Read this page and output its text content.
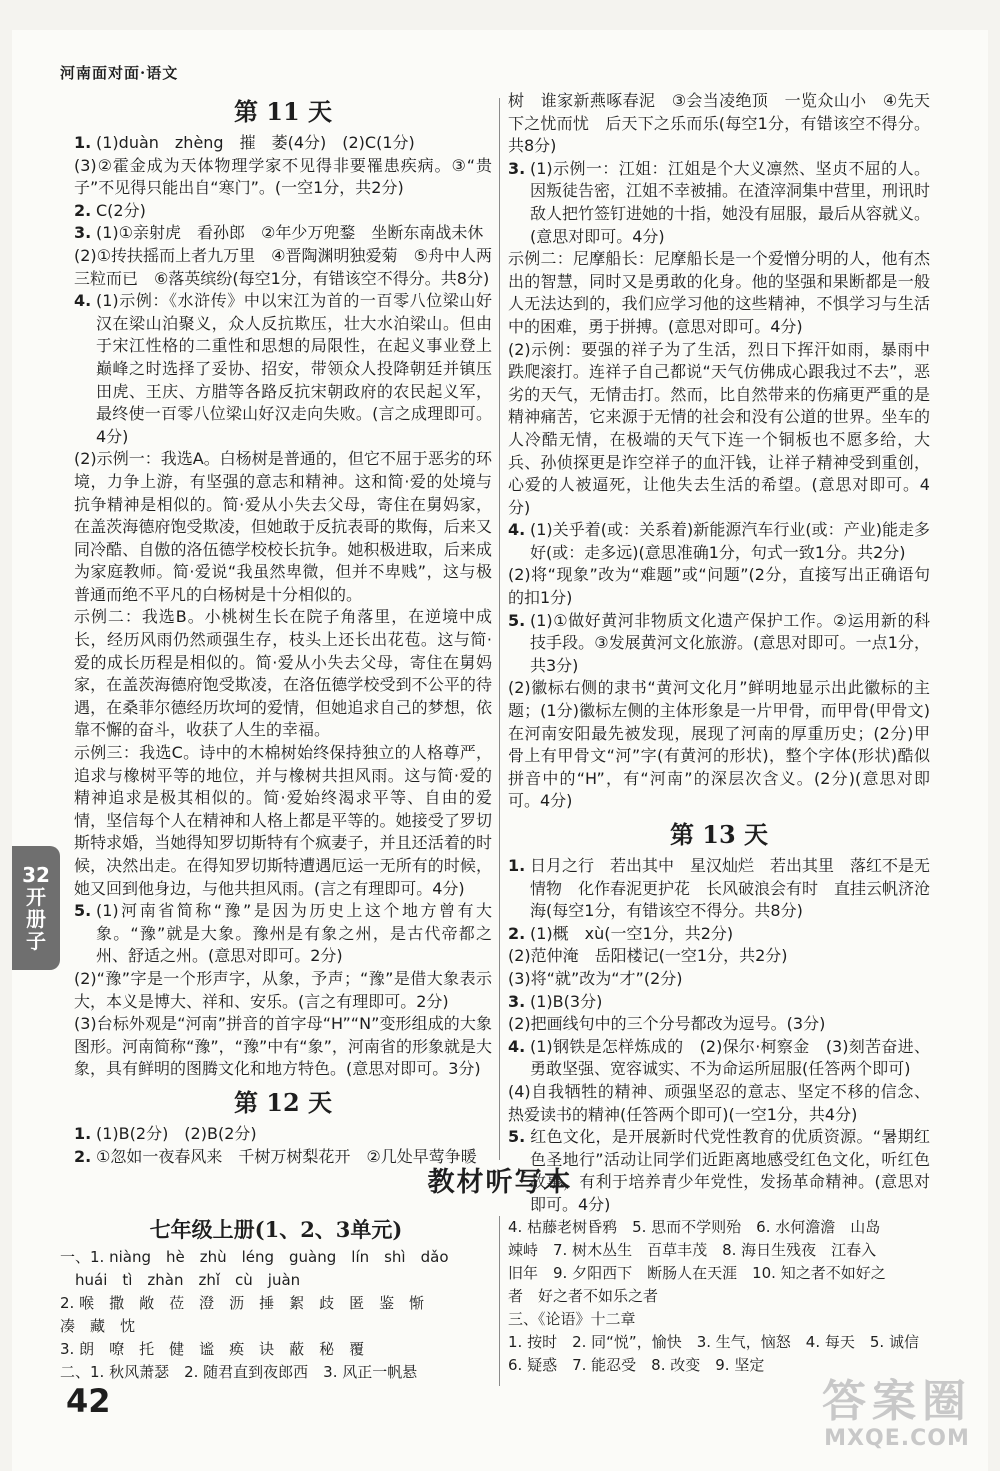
河南面对面·语文
第 11 天

1. (1)duàn　zhèng　摧　萎(4分)　(2)C(1分)

(3)②霍金成为天体物理学家不见得非要罹患疾病。③“贵子”不见得只能出自“寒门”。(一空1分，共2分)

2. C(2分)

3. (1)①亲射虎　看孙郎　②年少万兜鍪　坐断东南战未休

(2)①抟扶摇而上者九万里　④晋陶渊明独爱菊　⑤舟中人两三粒而已　⑥落英缤纷(每空1分，有错该空不得分。共8分)

4. (1)示例：《水浒传》中以宋江为首的一百零八位梁山好汉在梁山泊聚义，众人反抗欺压，壮大水泊梁山。但由于宋江性格的二重性和思想的局限性，在起义事业登上巅峰之时选择了妥协、招安，带领众人投降朝廷并镇压田虎、王庆、方腊等各路反抗宋朝政府的农民起义军，最终使一百零八位梁山好汉走向失败。(言之成理即可。4分)

(2)示例一：我选A。白杨树是普通的，但它不屈于恶劣的环境，力争上游，有坚强的意志和精神。这和简·爱的处境与抗争精神是相似的。简·爱从小失去父母，寄住在舅妈家，在盖茨海德府饱受欺凌，但她敢于反抗表哥的欺侮，后来又同冷酷、自傲的洛伍德学校校长抗争。她积极进取，后来成为家庭教师。简·爱说“我虽然卑微，但并不卑贱”，这与极普通而绝不平凡的白杨树是十分相似的。

示例二：我选B。小桃树生长在院子角落里，在逆境中成长，经历风雨仍然顽强生存，枝头上还长出花苞。这与简·爱的成长历程是相似的。简·爱从小失去父母，寄住在舅妈家，在盖茨海德府饱受欺凌，在洛伍德学校受到不公平的待遇，在桑菲尔德经历坎坷的爱情，但她追求自己的梦想，依靠不懈的奋斗，收获了人生的幸福。

示例三：我选C。诗中的木棉树始终保持独立的人格尊严，追求与橡树平等的地位，并与橡树共担风雨。这与简·爱的精神追求是极其相似的。简·爱始终渴求平等、自由的爱情，坚信每个人在精神和人格上都是平等的。她接受了罗切斯特求婚，当她得知罗切斯特有个疯妻子，并且还活着的时候，决然出走。在得知罗切斯特遭遇厄运一无所有的时候，她又回到他身边，与他共担风雨。(言之有理即可。4分)

5. (1)河南省简称“豫”是因为历史上这个地方曾有大象。“豫”就是大象。豫州是有象之州，是古代帝都之州、舒适之州。(意思对即可。2分)

(2)“豫”字是一个形声字，从象，予声；“豫”是借大象表示大，本义是博大、祥和、安乐。(言之有理即可。2分)

(3)台标外观是“河南”拼音的首字母“H”“N”变形组成的大象图形。河南简称“豫”，“豫”中有“象”，河南省的形象就是大象，具有鲜明的图腾文化和地方特色。(意思对即可。3分)

第 12 天

1. (1)B(2分)　(2)B(2分)

2. ①忽如一夜春风来　千树万树梨花开　②几处早莺争暖

树　谁家新燕啄春泥　③会当凌绝顶　一览众山小　④先天下之忧而忧　后天下之乐而乐(每空1分，有错该空不得分。共8分)

3. (1)示例一：江姐：江姐是个大义凛然、坚贞不屈的人。因叛徒告密，江姐不幸被捕。在渣滓洞集中营里，刑讯时敌人把竹签钉进她的十指，她没有屈服，最后从容就义。(意思对即可。4分)

示例二：尼摩船长：尼摩船长是一个爱憎分明的人，他有杰出的智慧，同时又是勇敢的化身。他的坚强和果断都是一般人无法达到的，我们应学习他的这些精神，不惧学习与生活中的困难，勇于拼搏。(意思对即可。4分)

(2)示例：要强的祥子为了生活，烈日下挥汗如雨，暴雨中跌爬滚打。连祥子自己都说“天气仿佛成心跟我过不去”，恶劣的天气，无情击打。然而，比自然带来的伤痛更严重的是精神痛苦，它来源于无情的社会和没有公道的世界。坐车的人冷酷无情，在极端的天气下连一个铜板也不愿多给，大兵、孙侦探更是诈空祥子的血汗钱，让祥子精神受到重创，心爱的人被逼死，让他失去生活的希望。(意思对即可。4分)

4. (1)关乎着(或：关系着)新能源汽车行业(或：产业)能走多好(或：走多远)(意思准确1分，句式一致1分。共2分)

(2)将“现象”改为“难题”或“问题”(2分，直接写出正确语句的扣1分)

5. (1)①做好黄河非物质文化遗产保护工作。②运用新的科技手段。③发展黄河文化旅游。(意思对即可。一点1分，共3分)

(2)徽标右侧的隶书“黄河文化月”鲜明地显示出此徽标的主题；(1分)徽标左侧的主体形象是一片甲骨，而甲骨(甲骨文)在河南安阳最先被发现，展现了河南的厚重历史；(2分)甲骨上有甲骨文“河”字(有黄河的形状)，整个字体(形状)酷似拼音中的“H”，有“河南”的深层次含义。(2分)(意思对即可。4分)

第 13 天

1. 日月之行　若出其中　星汉灿烂　若出其里　落红不是无情物　化作春泥更护花　长风破浪会有时　直挂云帆济沧海(每空1分，有错该空不得分。共8分)

2. (1)概　xù(一空1分，共2分)

(2)范仲淹　岳阳楼记(一空1分，共2分)

(3)将“就”改为“才”(2分)

3. (1)B(3分)

(2)把画线句中的三个分号都改为逗号。(3分)

4. (1)钢铁是怎样炼成的　(2)保尔·柯察金　(3)刻苦奋进、勇敢坚强、宽容诚实、不为命运所屈服(任答两个即可)

(4)自我牺牲的精神、顽强坚忍的意志、坚定不移的信念、热爱读书的精神(任答两个即可)(一空1分，共4分)

5. 红色文化，是开展新时代党性教育的优质资源。“暑期红色圣地行”活动让同学们近距离地感受红色文化，听红色故事，有利于培养青少年党性，发扬革命精神。(意思对即可。4分)

教材听写本
七年级上册(1、2、3单元)

一、1. niàng　hè　zhù　léng　guàng　lín　shì　dǎo

　huái　tì　zhàn　zhǐ　cù　juàn

2. 喉　撒　敞　莅　澄　沥　捶　絮　歧　匿　鉴　惭

凑　藏　忱

3. 朗　嘹　托　健　谧　痪　诀　蔽　秘　覆

二、1. 秋风萧瑟　2. 随君直到夜郎西　3. 风正一帆悬

4. 枯藤老树昏鸦　5. 思而不学则殆　6. 水何澹澹　山岛

竦峙　7. 树木丛生　百草丰茂　8. 海日生残夜　江春入

旧年　9. 夕阳西下　断肠人在天涯　10. 知之者不如好之

者　好之者不如乐之者

三、《论语》十二章

1. 按时　2. 同“悦”，愉快　3. 生气，恼怒　4. 每天　5. 诚信

6. 疑惑　7. 能忍受　8. 改变　9. 坚定

32
开
册
子
42	答案圈
MXQE.COM
